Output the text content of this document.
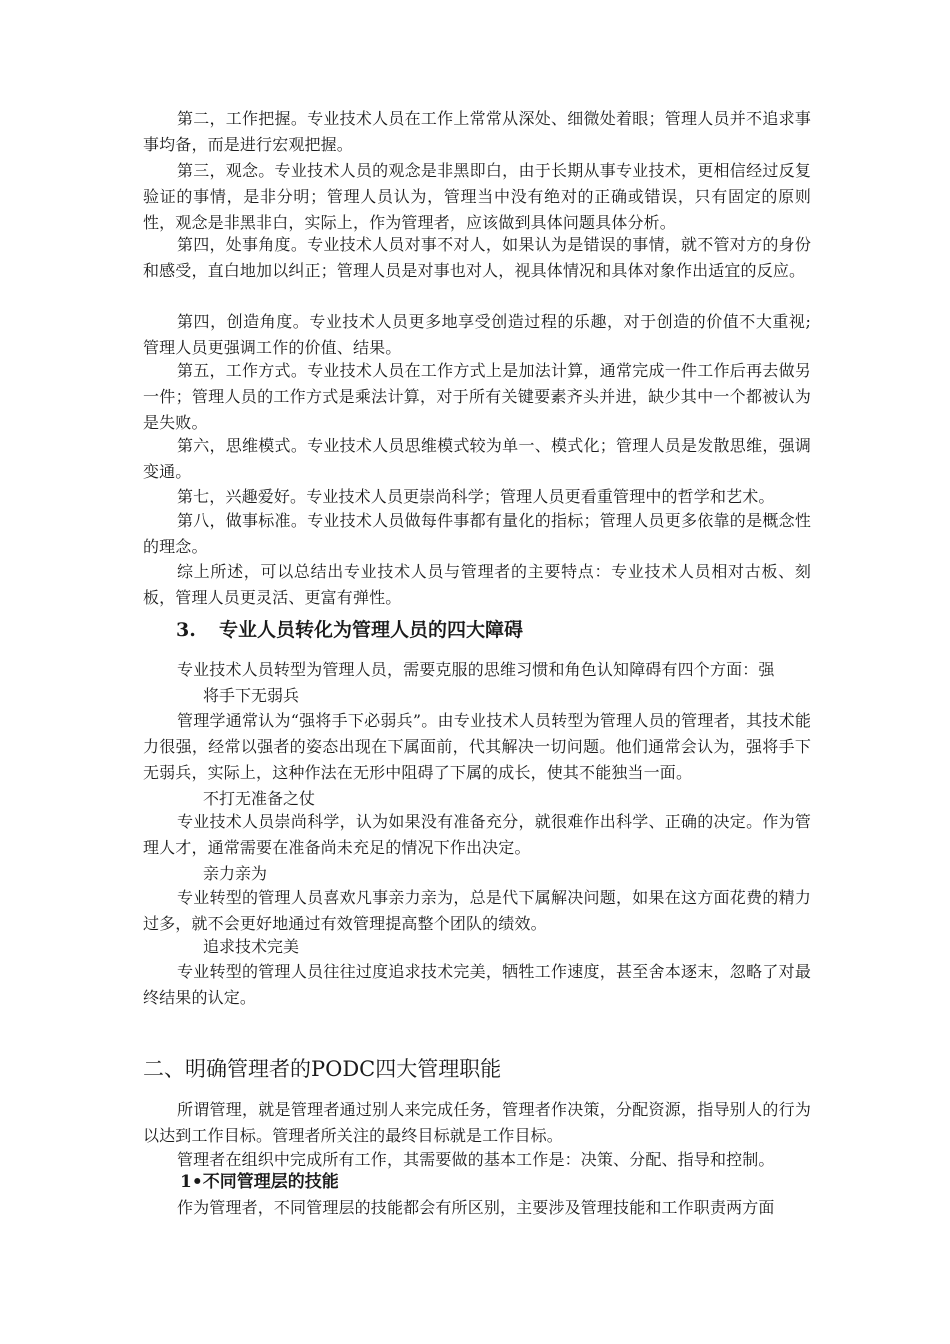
第二，工作把握。专业技术人员在工作上常常从深处、细微处着眼；管理人员并不追求事事均备，而是进行宏观把握。

第三，观念。专业技术人员的观念是非黑即白，由于长期从事专业技术，更相信经过反复验证的事情，是非分明；管理人员认为，管理当中没有绝对的正确或错误，只有固定的原则性，观念是非黑非白，实际上，作为管理者，应该做到具体问题具体分析。

第四，处事角度。专业技术人员对事不对人，如果认为是错误的事情，就不管对方的身份和感受，直白地加以纠正；管理人员是对事也对人，视具体情况和具体对象作出适宜的反应。

第四，创造角度。专业技术人员更多地享受创造过程的乐趣，对于创造的价值不大重视;管理人员更强调工作的价值、结果。

第五，工作方式。专业技术人员在工作方式上是加法计算，通常完成一件工作后再去做另一件；管理人员的工作方式是乘法计算，对于所有关键要素齐头并进，缺少其中一个都被认为是失败。

第六，思维模式。专业技术人员思维模式较为单一、模式化；管理人员是发散思维，强调变通。

第七，兴趣爱好。专业技术人员更崇尚科学；管理人员更看重管理中的哲学和艺术。

第八，做事标准。专业技术人员做每件事都有量化的指标；管理人员更多依靠的是概念性的理念。

综上所述，可以总结出专业技术人员与管理者的主要特点：专业技术人员相对古板、刻板，管理人员更灵活、更富有弹性。

3. 专业人员转化为管理人员的四大障碍

专业技术人员转型为管理人员，需要克服的思维习惯和角色认知障碍有四个方面：强

将手下无弱兵

管理学通常认为“强将手下必弱兵”。由专业技术人员转型为管理人员的管理者，其技术能力很强，经常以强者的姿态出现在下属面前，代其解决一切问题。他们通常会认为，强将手下无弱兵，实际上，这种作法在无形中阻碍了下属的成长，使其不能独当一面。

不打无准备之仗

专业技术人员崇尚科学，认为如果没有准备充分，就很难作出科学、正确的决定。作为管理人才，通常需要在准备尚未充足的情况下作出决定。

亲力亲为

专业转型的管理人员喜欢凡事亲力亲为，总是代下属解决问题，如果在这方面花费的精力过多，就不会更好地通过有效管理提高整个团队的绩效。

追求技术完美

专业转型的管理人员往往过度追求技术完美，牺牲工作速度，甚至舍本逐末，忽略了对最终结果的认定。

二、明确管理者的PODC四大管理职能

所谓管理，就是管理者通过别人来完成任务，管理者作决策，分配资源，指导别人的行为以达到工作目标。管理者所关注的最终目标就是工作目标。

管理者在组织中完成所有工作，其需要做的基本工作是：决策、分配、指导和控制。

1•不同管理层的技能

作为管理者，不同管理层的技能都会有所区别，主要涉及管理技能和工作职责两方面
